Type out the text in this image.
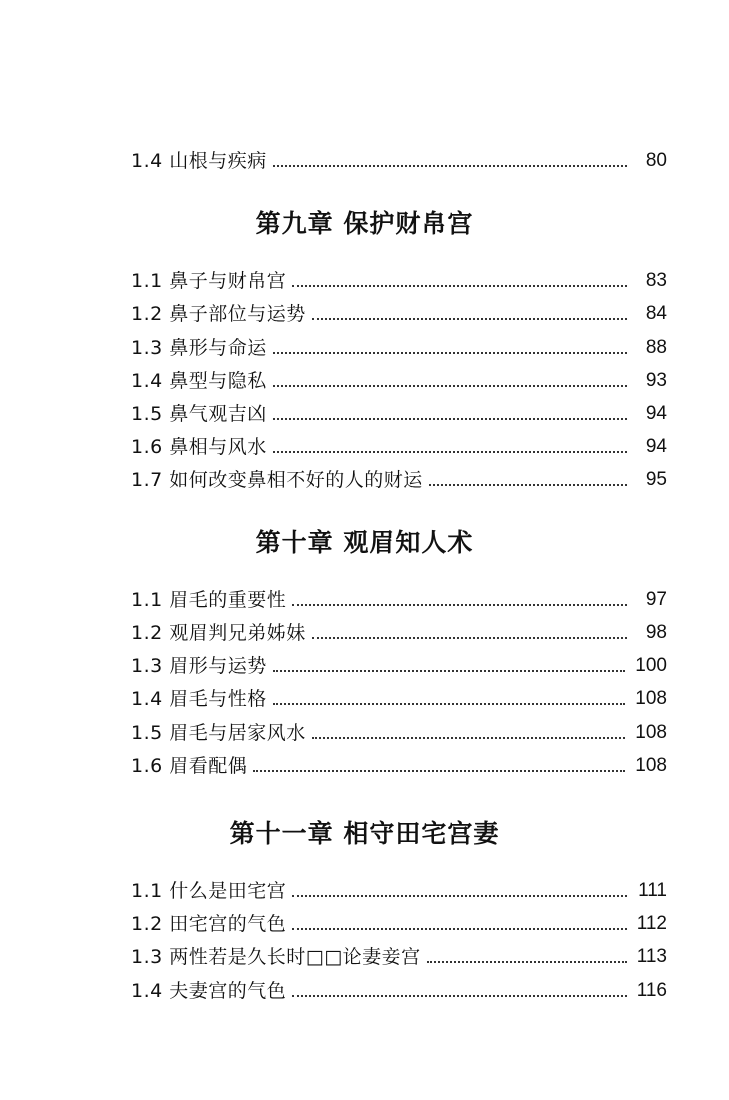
1.4 山根与疾病	80
第九章 保护财帛宫
1.1 鼻子与财帛宫	83
1.2 鼻子部位与运势	84
1.3 鼻形与命运	88
1.4 鼻型与隐私	93
1.5 鼻气观吉凶	94
1.6 鼻相与风水	94
1.7 如何改变鼻相不好的人的财运	95
第十章 观眉知人术
1.1 眉毛的重要性	97
1.2 观眉判兄弟姊妹	98
1.3 眉形与运势	100
1.4 眉毛与性格	108
1.5 眉毛与居家风水	108
1.6 眉看配偶	108
第十一章 相守田宅宫妻
1.1 什么是田宅宫	111
1.2 田宅宫的气色	112
1.3 两性若是久长时□□论妻妾宫	113
1.4 夫妻宫的气色	116
